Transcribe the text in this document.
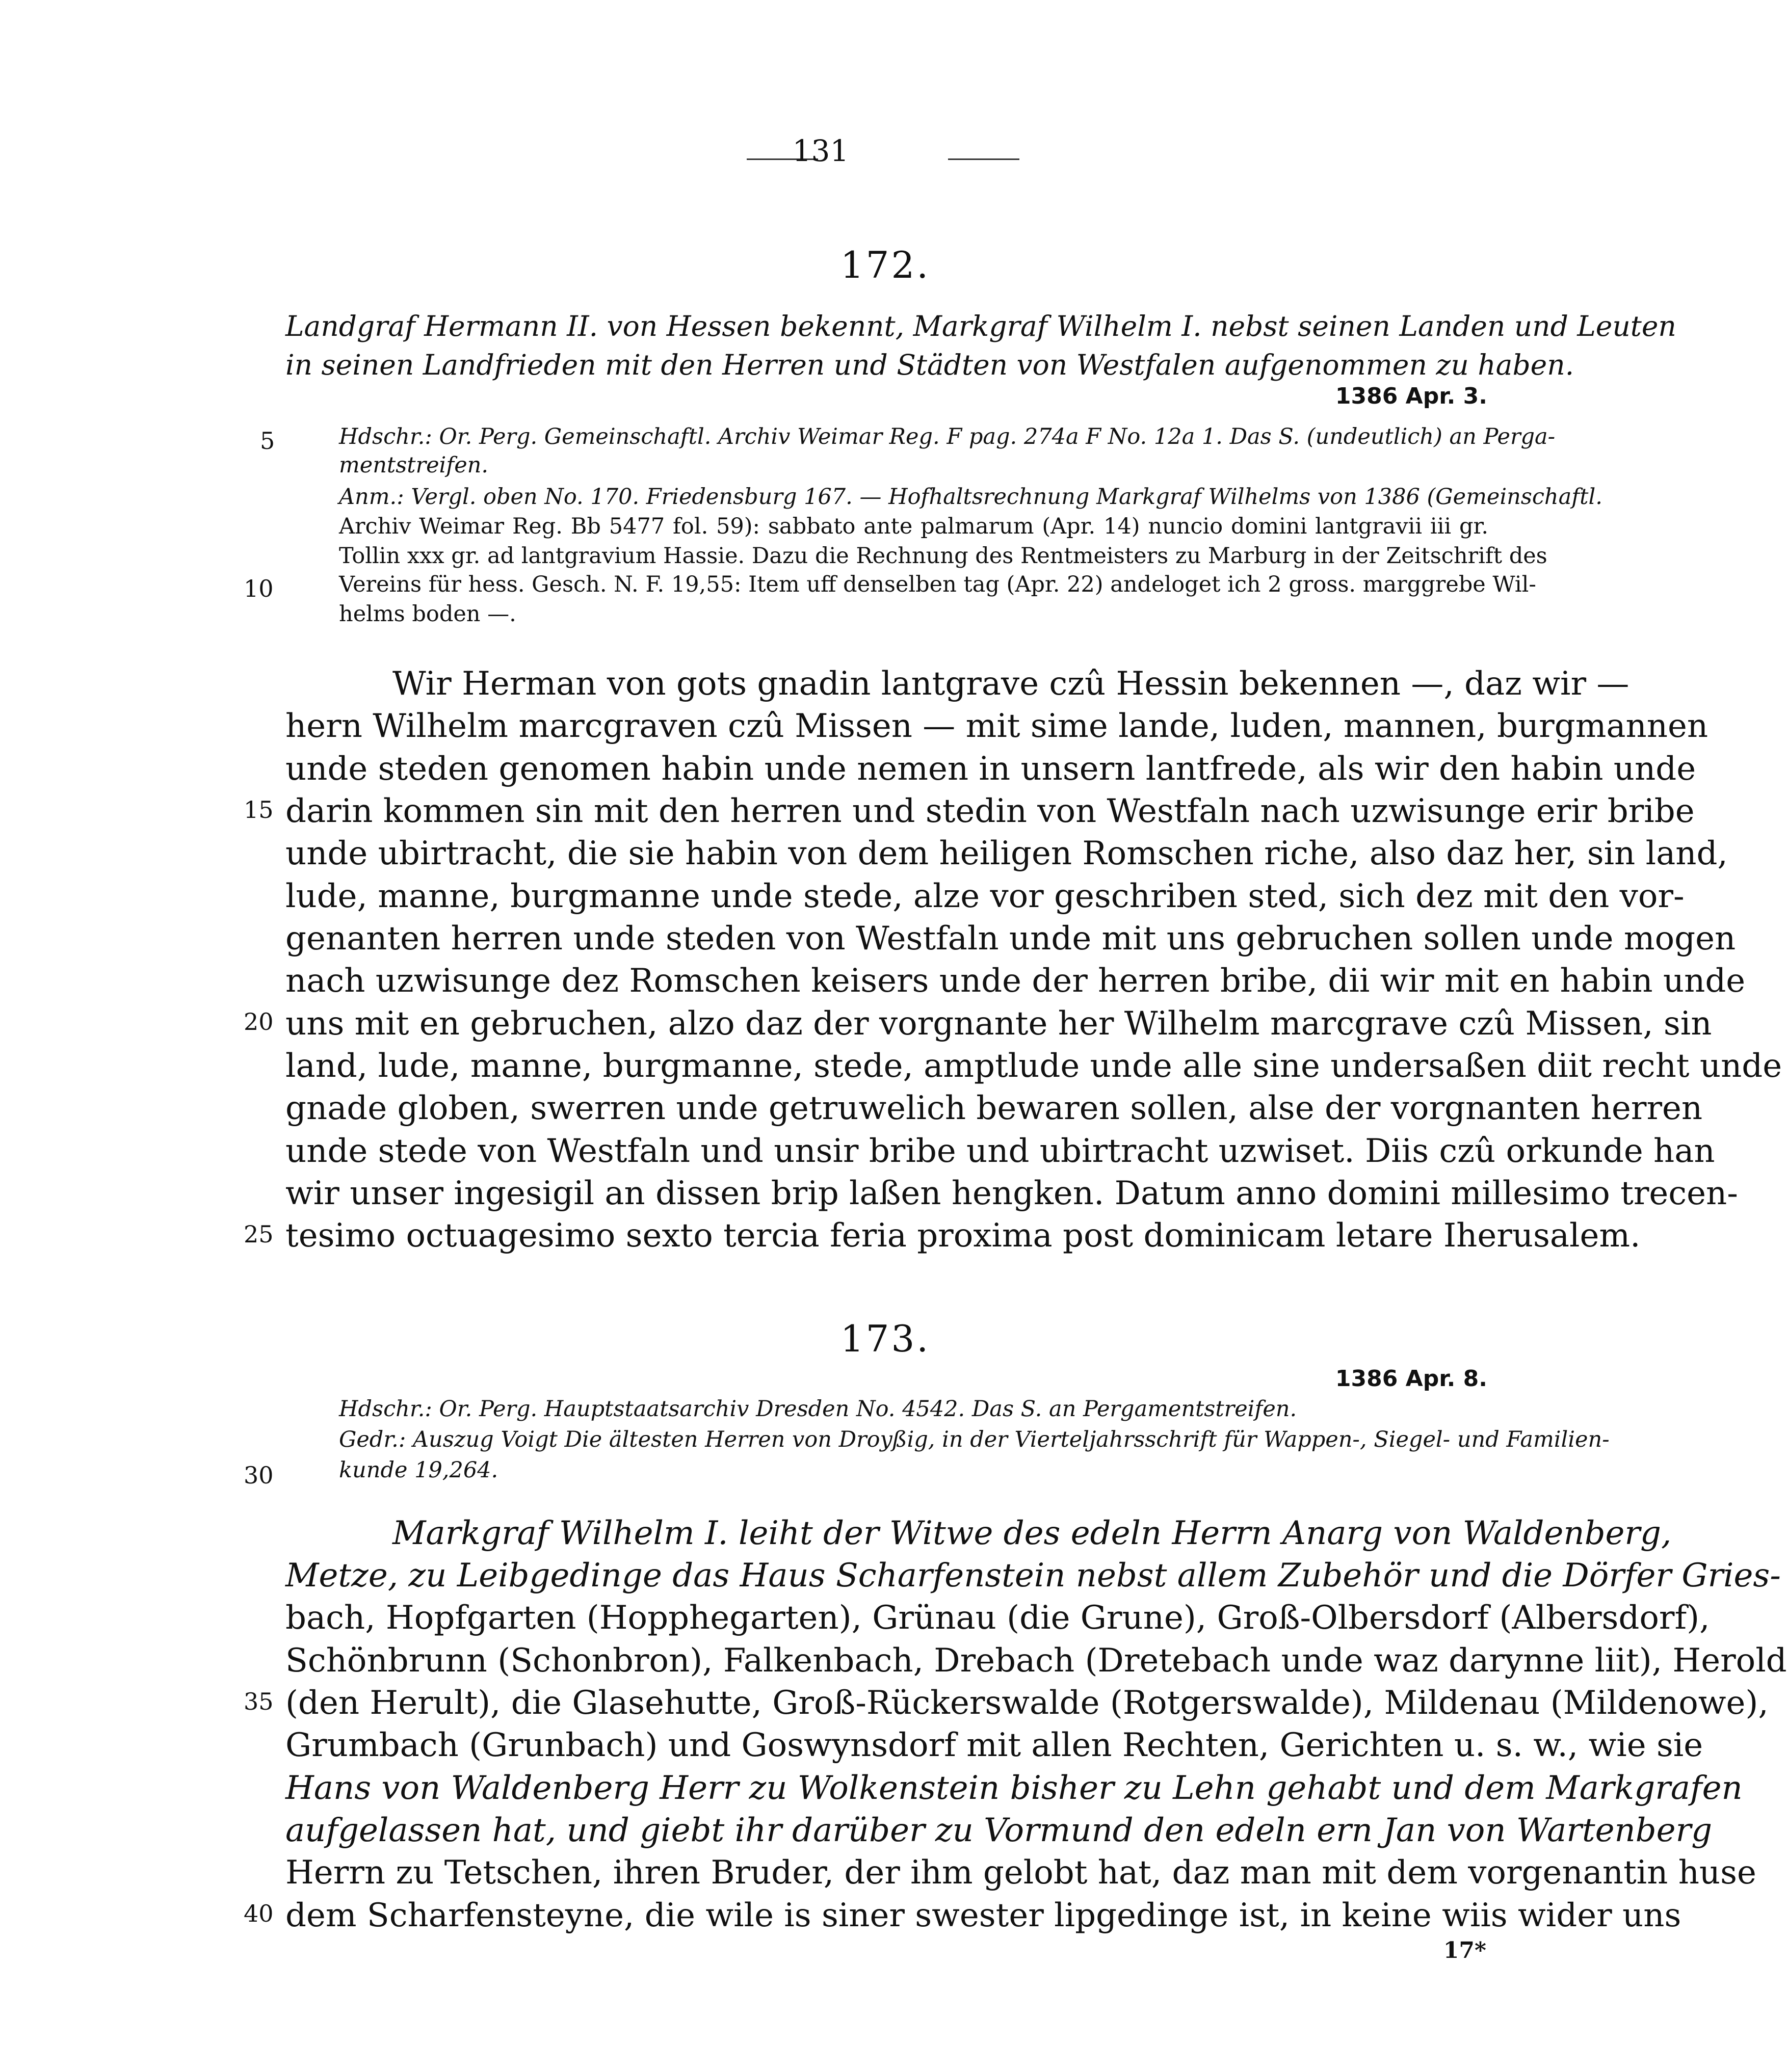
131
172.
Landgraf Hermann II. von Hessen bekennt, Markgraf Wilhelm I. nebst seinen Landen und Leuten
in seinen Landfrieden mit den Herren und Städten von Westfalen aufgenommen zu haben.
1386 Apr. 3.
5	Hdschr.: Or. Perg. Gemeinschaftl. Archiv Weimar Reg. F pag. 274a F No. 12a 1. Das S. (undeutlich) an Perga-
mentstreifen.
Anm.: Vergl. oben No. 170. Friedensburg 167. — Hofhaltsrechnung Markgraf Wilhelms von 1386 (Gemeinschaftl.
Archiv Weimar Reg. Bb 5477 fol. 59): sabbato ante palmarum (Apr. 14) nuncio domini lantgravii iii gr.
Tollin xxx gr. ad lantgravium Hassie. Dazu die Rechnung des Rentmeisters zu Marburg in der Zeitschrift des
10	Vereins für hess. Gesch. N. F. 19,55: Item uff denselben tag (Apr. 22) andeloget ich 2 gross. marggrebe Wil-
helms boden —.
Wir Herman von gots gnadin lantgrave czû Hessin bekennen —, daz wir —
hern Wilhelm marcgraven czû Missen — mit sime lande, luden, mannen, burgmannen
unde steden genomen habin unde nemen in unsern lantfrede, als wir den habin unde
15 darin kommen sin mit den herren und stedin von Westfaln nach uzwisunge erir bribe
unde ubirtracht, die sie habin von dem heiligen Romschen riche, also daz her, sin land,
lude, manne, burgmanne unde stede, alze vor geschriben sted, sich dez mit den vor-
genanten herren unde steden von Westfaln unde mit uns gebruchen sollen unde mogen
nach uzwisunge dez Romschen keisers unde der herren bribe, dii wir mit en habin unde
20 uns mit en gebruchen, alzo daz der vorgnante her Wilhelm marcgrave czû Missen, sin
land, lude, manne, burgmanne, stede, amptlude unde alle sine undersaßen diit recht unde
gnade globen, swerren unde getruwelich bewaren sollen, alse der vorgnanten herren
unde stede von Westfaln und unsir bribe und ubirtracht uzwiset. Diis czû orkunde han
wir unser ingesigil an dissen brip laßen hengken. Datum anno domini millesimo trecen-
25 tesimo octuagesimo sexto tercia feria proxima post dominicam letare Iherusalem.
173.
1386 Apr. 8.
Hdschr.: Or. Perg. Hauptstaatsarchiv Dresden No. 4542. Das S. an Pergamentstreifen.
Gedr.: Auszug Voigt Die ältesten Herren von Droyßig, in der Vierteljahrsschrift für Wappen-, Siegel- und Familien-
30	kunde 19,264.
Markgraf Wilhelm I. leiht der Witwe des edeln Herrn Anarg von Waldenberg,
Metze, zu Leibgedinge das Haus Scharfenstein nebst allem Zubehör und die Dörfer Gries-
bach, Hopfgarten (Hopphegarten), Grünau (die Grune), Groß-Olbersdorf (Albersdorf),
Schönbrunn (Schonbron), Falkenbach, Drebach (Dretebach unde waz darynne liit), Herold
35 (den Herult), die Glasehutte, Groß-Rückerswalde (Rotgerswalde), Mildenau (Mildenowe),
Grumbach (Grunbach) und Goswynsdorf mit allen Rechten, Gerichten u. s. w., wie sie
Hans von Waldenberg Herr zu Wolkenstein bisher zu Lehn gehabt und dem Markgrafen
aufgelassen hat, und giebt ihr darüber zu Vormund den edeln ern Jan von Wartenberg
Herrn zu Tetschen, ihren Bruder, der ihm gelobt hat, daz man mit dem vorgenantin huse
40 dem Scharfensteyne, die wile is siner swester lipgedinge ist, in keine wiis wider uns
17*
